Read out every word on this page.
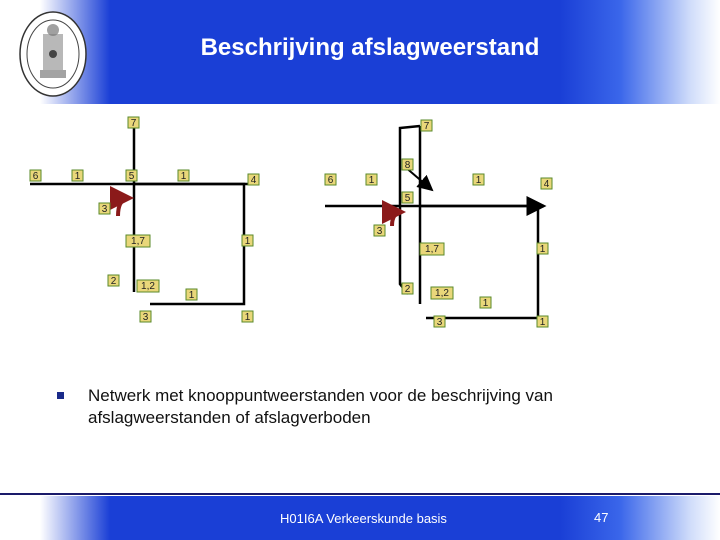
Beschrijving afslagweerstand
7
6	1	5	1	4
3
1,7	1
2 1,2
1
3	1
7
8
6	1	1	4
5
3
1,7	1
2 1,2
1
3	1
Netwerk met knooppuntweerstanden voor de beschrijving van afslagweerstanden of afslagverboden
H01I6A Verkeerskunde basis	47
